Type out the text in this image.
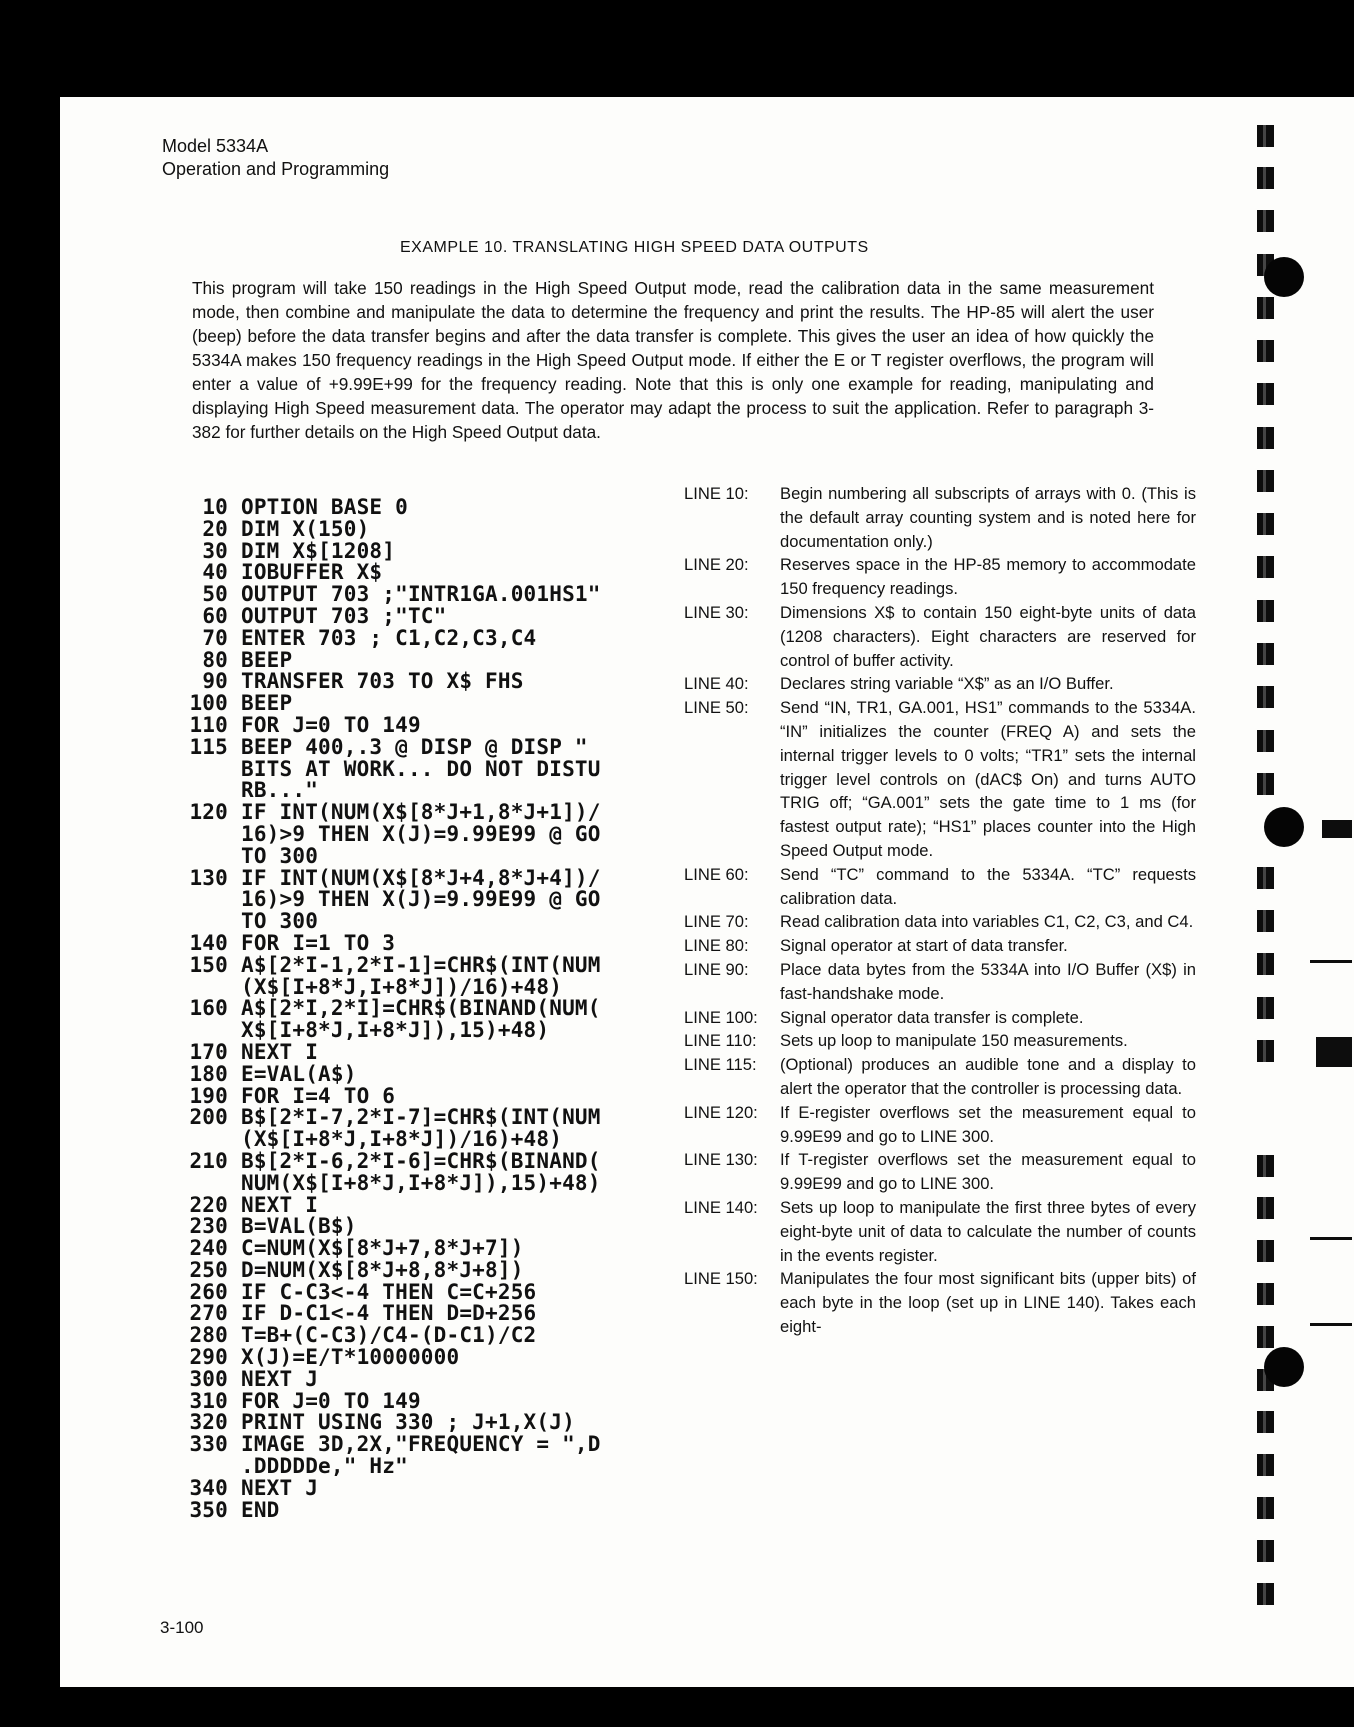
Model 5334A
Operation and Programming
EXAMPLE 10. TRANSLATING HIGH SPEED DATA OUTPUTS
This program will take 150 readings in the High Speed Output mode, read the calibration data in the same measurement mode, then combine and manipulate the data to determine the frequency and print the results. The HP-85 will alert the user (beep) before the data transfer begins and after the data transfer is complete. This gives the user an idea of how quickly the 5334A makes 150 frequency readings in the High Speed Output mode. If either the E or T register overflows, the program will enter a value of +9.99E+99 for the frequency reading. Note that this is only one example for reading, manipulating and displaying High Speed measurement data. The operator may adapt the process to suit the application. Refer to paragraph 3-382 for further details on the High Speed Output data.
10 OPTION BASE 0
20 DIM X(150)
30 DIM X$[1208]
40 IOBUFFER X$
50 OUTPUT 703 ;"INTR1GA.001HS1"
60 OUTPUT 703 ;"TC"
70 ENTER 703 ; C1,C2,C3,C4
80 BEEP
90 TRANSFER 703 TO X$ FHS
100 BEEP
110 FOR J=0 TO 149
115 BEEP 400,.3 @ DISP @ DISP "
BITS AT WORK... DO NOT DISTU
RB..."
120 IF INT(NUM(X$[8*J+1,8*J+1])/
16)>9 THEN X(J)=9.99E99 @ GO
TO 300
130 IF INT(NUM(X$[8*J+4,8*J+4])/
16)>9 THEN X(J)=9.99E99 @ GO
TO 300
140 FOR I=1 TO 3
150 A$[2*I-1,2*I-1]=CHR$(INT(NUM
(X$[I+8*J,I+8*J])/16)+48)
160 A$[2*I,2*I]=CHR$(BINAND(NUM(
X$[I+8*J,I+8*J]),15)+48)
170 NEXT I
180 E=VAL(A$)
190 FOR I=4 TO 6
200 B$[2*I-7,2*I-7]=CHR$(INT(NUM
(X$[I+8*J,I+8*J])/16)+48)
210 B$[2*I-6,2*I-6]=CHR$(BINAND(
NUM(X$[I+8*J,I+8*J]),15)+48)
220 NEXT I
230 B=VAL(B$)
240 C=NUM(X$[8*J+7,8*J+7])
250 D=NUM(X$[8*J+8,8*J+8])
260 IF C-C3<-4 THEN C=C+256
270 IF D-C1<-4 THEN D=D+256
280 T=B+(C-C3)/C4-(D-C1)/C2
290 X(J)=E/T*10000000
300 NEXT J
310 FOR J=0 TO 149
320 PRINT USING 330 ; J+1,X(J)
330 IMAGE 3D,2X,"FREQUENCY = ",D
.DDDDDe," Hz"
340 NEXT J
350 END
LINE 10:	Begin numbering all subscripts of arrays with 0. (This is the default array counting system and is noted here for documentation only.)
LINE 20:	Reserves space in the HP-85 memory to accommodate 150 frequency readings.
LINE 30:	Dimensions X$ to contain 150 eight-byte units of data (1208 characters). Eight characters are reserved for control of buffer activity.
LINE 40:	Declares string variable “X$” as an I/O Buffer.
LINE 50:	Send “IN, TR1, GA.001, HS1” commands to the 5334A. “IN” initializes the counter (FREQ A) and sets the internal trigger levels to 0 volts; “TR1” sets the internal trigger level controls on (dAC$ On) and turns AUTO TRIG off; “GA.001” sets the gate time to 1 ms (for fastest output rate); “HS1” places counter into the High Speed Output mode.
LINE 60:	Send “TC” command to the 5334A. “TC” requests calibration data.
LINE 70:	Read calibration data into variables C1, C2, C3, and C4.
LINE 80:	Signal operator at start of data transfer.
LINE 90:	Place data bytes from the 5334A into I/O Buffer (X$) in fast-handshake mode.
LINE 100:	Signal operator data transfer is complete.
LINE 110:	Sets up loop to manipulate 150 measurements.
LINE 115:	(Optional) produces an audible tone and a display to alert the operator that the controller is processing data.
LINE 120:	If E-register overflows set the measurement equal to 9.99E99 and go to LINE 300.
LINE 130:	If T-register overflows set the measurement equal to 9.99E99 and go to LINE 300.
LINE 140:	Sets up loop to manipulate the first three bytes of every eight-byte unit of data to calculate the number of counts in the events register.
LINE 150:	Manipulates the four most significant bits (upper bits) of each byte in the loop (set up in LINE 140). Takes each eight-
3-100
